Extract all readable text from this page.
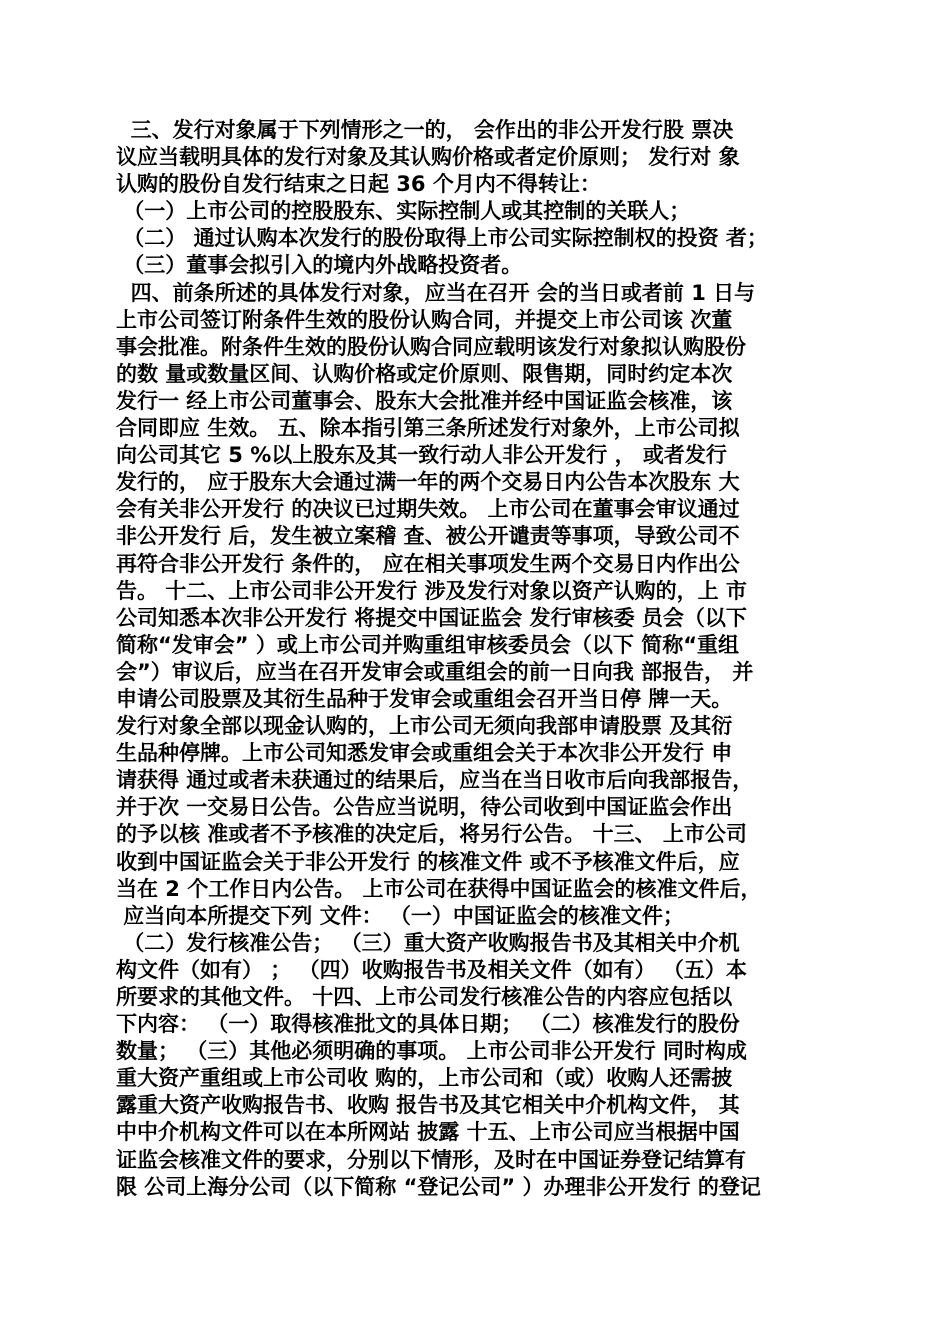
三、发行对象属于下列情形之一的， 会作出的非公开发行股 票决
议应当载明具体的发行对象及其认购价格或者定价原则； 发行对 象
认购的股份自发行结束之日起 36 个月内不得转让：
（一）上市公司的控股股东、实际控制人或其控制的关联人；
（二） 通过认购本次发行的股份取得上市公司实际控制权的投资 者；
（三）董事会拟引入的境内外战略投资者。
四、前条所述的具体发行对象，应当在召开 会的当日或者前 1 日与
上市公司签订附条件生效的股份认购合同，并提交上市公司该 次董
事会批准。附条件生效的股份认购合同应载明该发行对象拟认购股份
的数 量或数量区间、认购价格或定价原则、限售期，同时约定本次
发行一 经上市公司董事会、股东大会批准并经中国证监会核准，该
合同即应 生效。 五、除本指引第三条所述发行对象外，上市公司拟
向公司其它 5 %以上股东及其一致行动人非公开发行 ， 或者发行
发行的， 应于股东大会通过满一年的两个交易日内公告本次股东 大
会有关非公开发行 的决议已过期失效。 上市公司在董事会审议通过
非公开发行 后，发生被立案稽 查、被公开谴责等事项，导致公司不
再符合非公开发行 条件的， 应在相关事项发生两个交易日内作出公
告。 十二、上市公司非公开发行 涉及发行对象以资产认购的，上 市
公司知悉本次非公开发行 将提交中国证监会 发行审核委 员会（以下
简称“发审会” ）或上市公司并购重组审核委员会（以下 简称“重组
会”）审议后，应当在召开发审会或重组会的前一日向我 部报告， 并
申请公司股票及其衍生品种于发审会或重组会召开当日停 牌一天。
发行对象全部以现金认购的，上市公司无须向我部申请股票 及其衍
生品种停牌。上市公司知悉发审会或重组会关于本次非公开发行 申
请获得 通过或者未获通过的结果后，应当在当日收市后向我部报告，
并于次 一交易日公告。公告应当说明，待公司收到中国证监会作出
的予以核 准或者不予核准的决定后，将另行公告。 十三、 上市公司
收到中国证监会关于非公开发行 的核准文件 或不予核准文件后，应
当在 2 个工作日内公告。 上市公司在获得中国证监会的核准文件后，
应当向本所提交下列 文件： （一）中国证监会的核准文件；
（二）发行核准公告； （三）重大资产收购报告书及其相关中介机
构文件（如有） ； （四）收购报告书及相关文件（如有） （五）本
所要求的其他文件。 十四、上市公司发行核准公告的内容应包括以
下内容： （一）取得核准批文的具体日期； （二）核准发行的股份
数量； （三）其他必须明确的事项。 上市公司非公开发行 同时构成
重大资产重组或上市公司收 购的，上市公司和（或）收购人还需披
露重大资产收购报告书、收购 报告书及其它相关中介机构文件， 其
中中介机构文件可以在本所网站 披露 十五、上市公司应当根据中国
证监会核准文件的要求，分别以下情形，及时在中国证券登记结算有
限 公司上海分公司（以下简称 “登记公司” ）办理非公开发行 的登记
